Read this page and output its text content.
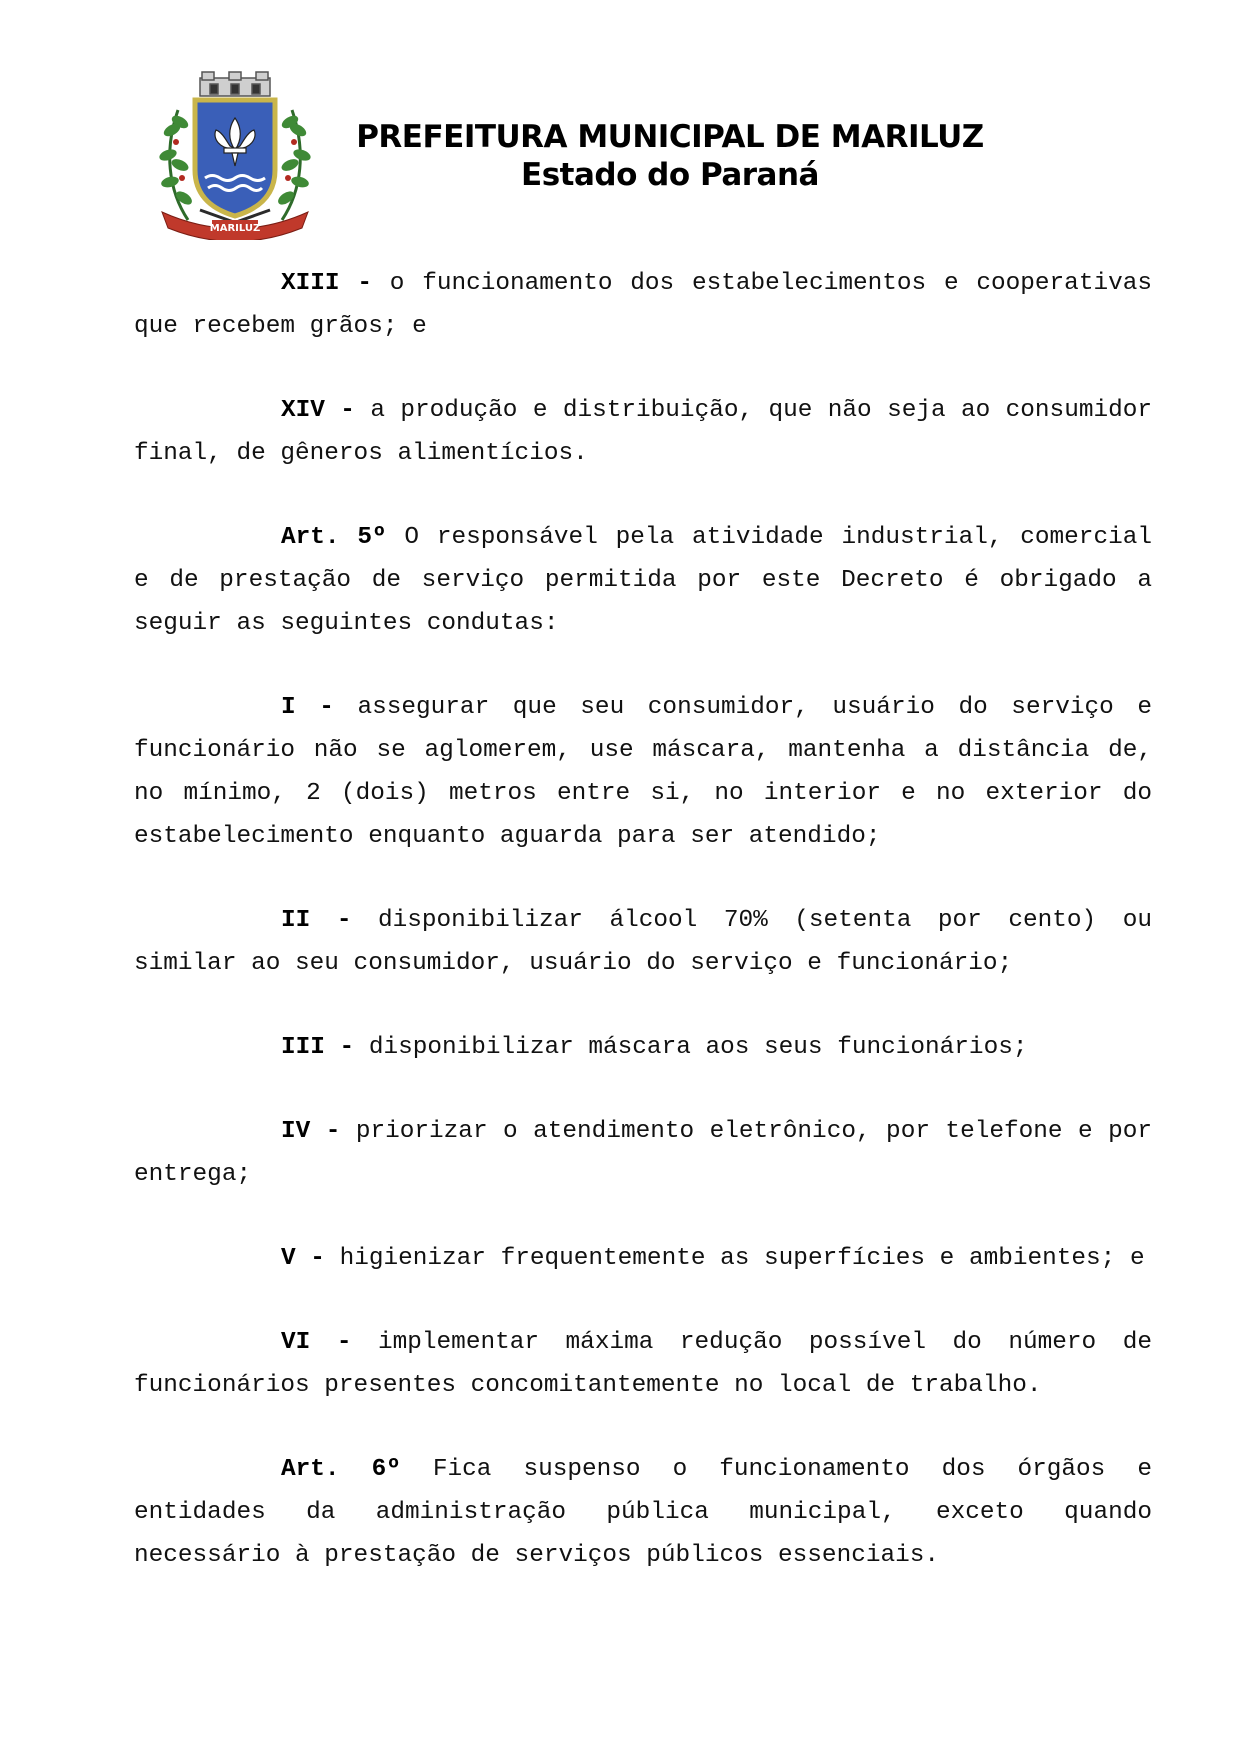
MARILUZ
PREFEITURA MUNICIPAL DE MARILUZ
Estado do Paraná

XIII - o funcionamento dos estabelecimentos e cooperativas que recebem grãos; e

XIV - a produção e distribuição, que não seja ao consumidor final, de gêneros alimentícios.

Art. 5º O responsável pela atividade industrial, comercial e de prestação de serviço permitida por este Decreto é obrigado a seguir as seguintes condutas:

I - assegurar que seu consumidor, usuário do serviço e funcionário não se aglomerem, use máscara, mantenha a distância de, no mínimo, 2 (dois) metros entre si, no interior e no exterior do estabelecimento enquanto aguarda para ser atendido;

II - disponibilizar álcool 70% (setenta por cento) ou similar ao seu consumidor, usuário do serviço e funcionário;

III - disponibilizar máscara aos seus funcionários;

IV - priorizar o atendimento eletrônico, por telefone e por entrega;

V - higienizar frequentemente as superfícies e ambientes; e

VI - implementar máxima redução possível do número de funcionários presentes concomitantemente no local de trabalho.

Art. 6º Fica suspenso o funcionamento dos órgãos e entidades da administração pública municipal, exceto quando necessário à prestação de serviços públicos essenciais.
